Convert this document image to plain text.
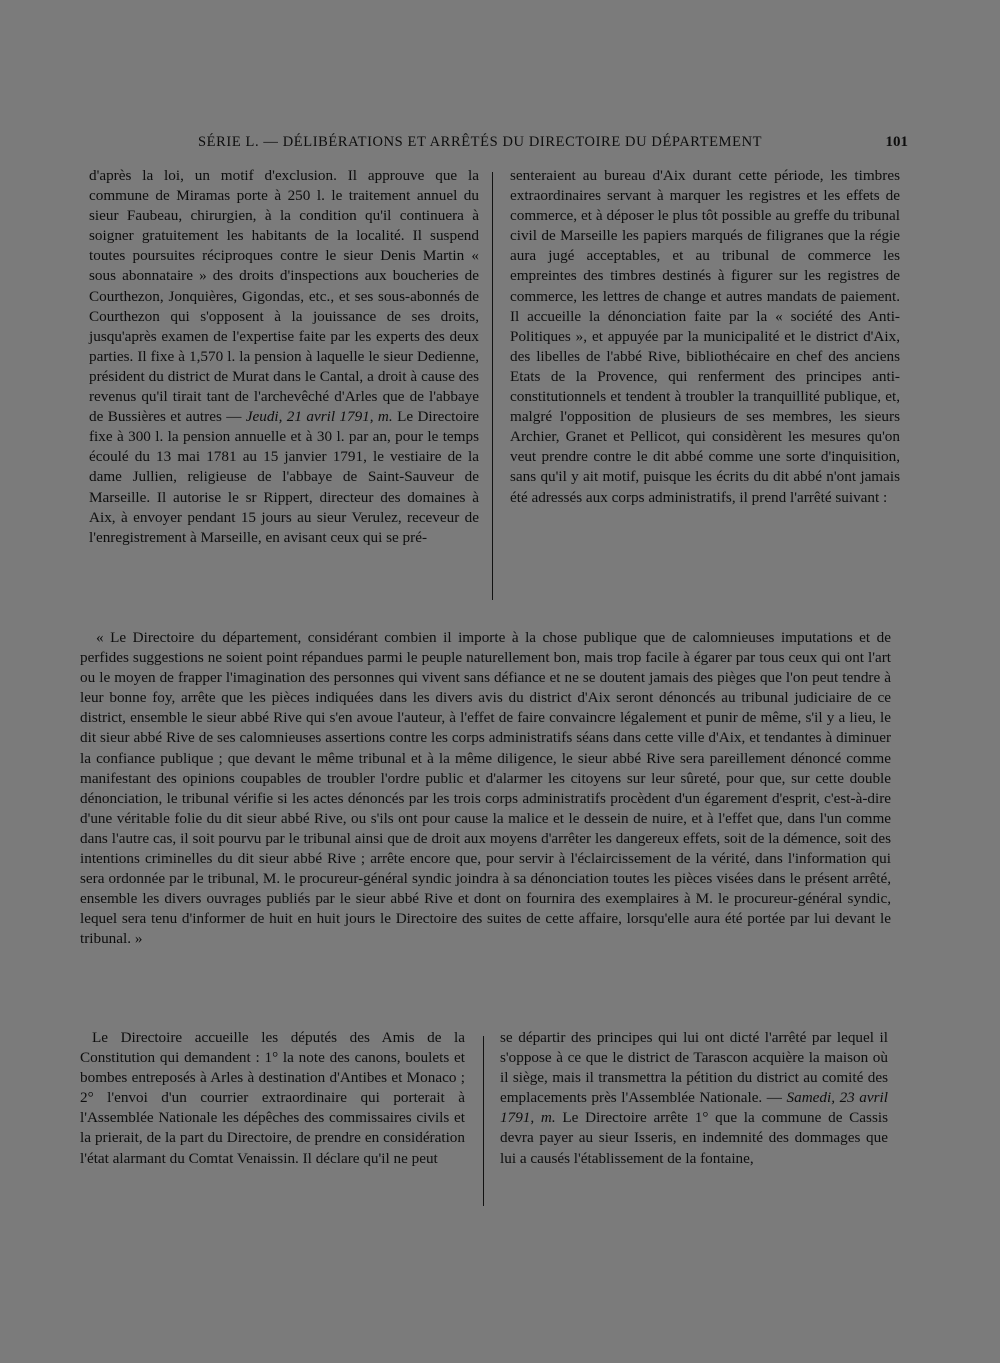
SÉRIE L. — DÉLIBÉRATIONS ET ARRÊTÉS DU DIRECTOIRE DU DÉPARTEMENT	101

d'après la loi, un motif d'exclusion. Il approuve que la commune de Miramas porte à 250 l. le traitement annuel du sieur Faubeau, chirurgien, à la condition qu'il continuera à soigner gratuitement les habitants de la localité. Il suspend toutes poursuites réciproques contre le sieur Denis Martin « sous abonnataire » des droits d'inspections aux boucheries de Courthezon, Jonquières, Gigondas, etc., et ses sous-abonnés de Courthezon qui s'opposent à la jouissance de ses droits, jusqu'après examen de l'expertise faite par les experts des deux parties. Il fixe à 1,570 l. la pension à laquelle le sieur Dedienne, président du district de Murat dans le Cantal, a droit à cause des revenus qu'il tirait tant de l'archevêché d'Arles que de l'abbaye de Bussières et autres — Jeudi, 21 avril 1791, m. Le Directoire fixe à 300 l. la pension annuelle et à 30 l. par an, pour le temps écoulé du 13 mai 1781 au 15 janvier 1791, le vestiaire de la dame Jullien, religieuse de l'abbaye de Saint-Sauveur de Marseille. Il autorise le sr Rippert, directeur des domaines à Aix, à envoyer pendant 15 jours au sieur Verulez, receveur de l'enregistrement à Marseille, en avisant ceux qui se pré-

senteraient au bureau d'Aix durant cette période, les timbres extraordinaires servant à marquer les registres et les effets de commerce, et à déposer le plus tôt possible au greffe du tribunal civil de Marseille les papiers marqués de filigranes que la régie aura jugé acceptables, et au tribunal de commerce les empreintes des timbres destinés à figurer sur les registres de commerce, les lettres de change et autres mandats de paiement. Il accueille la dénonciation faite par la « société des Anti-Politiques », et appuyée par la municipalité et le district d'Aix, des libelles de l'abbé Rive, bibliothécaire en chef des anciens Etats de la Provence, qui renferment des principes anti-constitutionnels et tendent à troubler la tranquillité publique, et, malgré l'opposition de plusieurs de ses membres, les sieurs Archier, Granet et Pellicot, qui considèrent les mesures qu'on veut prendre contre le dit abbé comme une sorte d'inquisition, sans qu'il y ait motif, puisque les écrits du dit abbé n'ont jamais été adressés aux corps administratifs, il prend l'arrêté suivant :

« Le Directoire du département, considérant combien il importe à la chose publique que de calomnieuses imputations et de perfides suggestions ne soient point répandues parmi le peuple naturellement bon, mais trop facile à égarer par tous ceux qui ont l'art ou le moyen de frapper l'imagination des personnes qui vivent sans défiance et ne se doutent jamais des pièges que l'on peut tendre à leur bonne foy, arrête que les pièces indiquées dans les divers avis du district d'Aix seront dénoncés au tribunal judiciaire de ce district, ensemble le sieur abbé Rive qui s'en avoue l'auteur, à l'effet de faire convaincre légalement et punir de même, s'il y a lieu, le dit sieur abbé Rive de ses calomnieuses assertions contre les corps administratifs séans dans cette ville d'Aix, et tendantes à diminuer la confiance publique ; que devant le même tribunal et à la même diligence, le sieur abbé Rive sera pareillement dénoncé comme manifestant des opinions coupables de troubler l'ordre public et d'alarmer les citoyens sur leur sûreté, pour que, sur cette double dénonciation, le tribunal vérifie si les actes dénoncés par les trois corps administratifs procèdent d'un égarement d'esprit, c'est-à-dire d'une véritable folie du dit sieur abbé Rive, ou s'ils ont pour cause la malice et le dessein de nuire, et à l'effet que, dans l'un comme dans l'autre cas, il soit pourvu par le tribunal ainsi que de droit aux moyens d'arrêter les dangereux effets, soit de la démence, soit des intentions criminelles du dit sieur abbé Rive ; arrête encore que, pour servir à l'éclaircissement de la vérité, dans l'information qui sera ordonnée par le tribunal, M. le procureur-général syndic joindra à sa dénonciation toutes les pièces visées dans le présent arrêté, ensemble les divers ouvrages publiés par le sieur abbé Rive et dont on fournira des exemplaires à M. le procureur-général syndic, lequel sera tenu d'informer de huit en huit jours le Directoire des suites de cette affaire, lorsqu'elle aura été portée par lui devant le tribunal. »

Le Directoire accueille les députés des Amis de la Constitution qui demandent : 1° la note des canons, boulets et bombes entreposés à Arles à destination d'Antibes et Monaco ; 2° l'envoi d'un courrier extraordinaire qui porterait à l'Assemblée Nationale les dépêches des commissaires civils et la prierait, de la part du Directoire, de prendre en considération l'état alarmant du Comtat Venaissin. Il déclare qu'il ne peut

se départir des principes qui lui ont dicté l'arrêté par lequel il s'oppose à ce que le district de Tarascon acquière la maison où il siège, mais il transmettra la pétition du district au comité des emplacements près l'Assemblée Nationale. — Samedi, 23 avril 1791, m. Le Directoire arrête 1° que la commune de Cassis devra payer au sieur Isseris, en indemnité des dommages que lui a causés l'établissement de la fontaine,
